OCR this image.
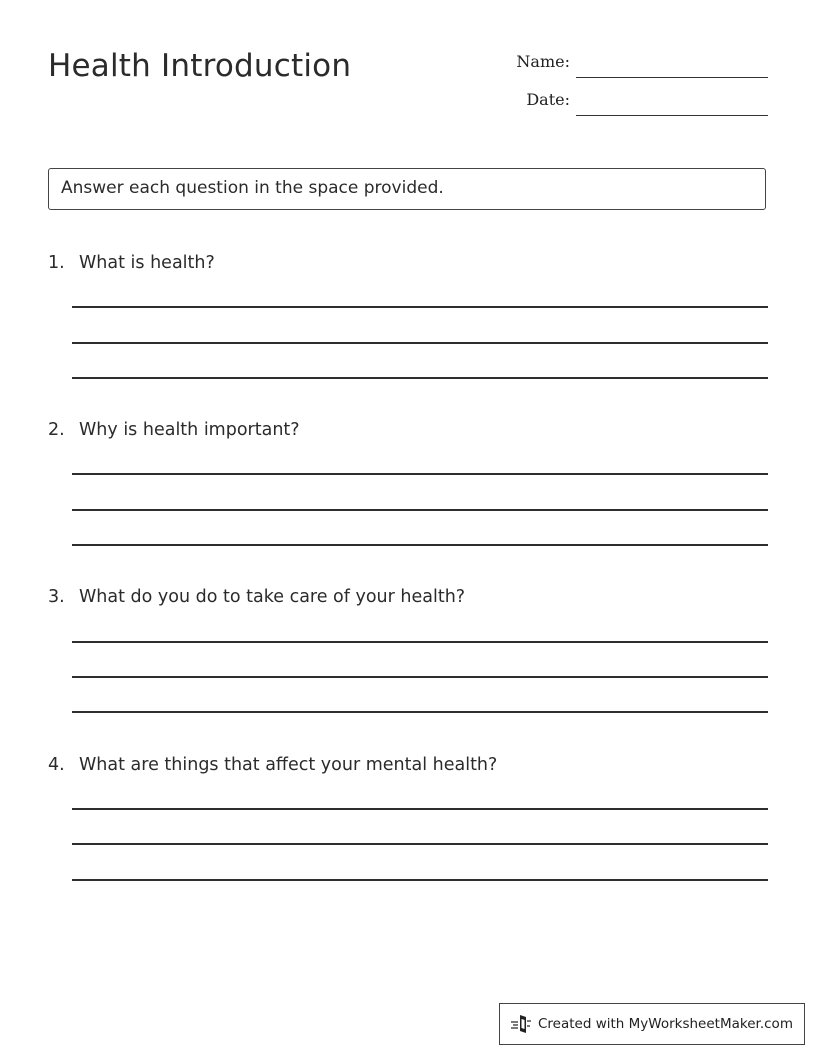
Health Introduction	Name:
Date:
Answer each question in the space provided.
1. What is health?
2. Why is health important?
3. What do you do to take care of your health?
4. What are things that affect your mental health?
Created with MyWorksheetMaker.com
